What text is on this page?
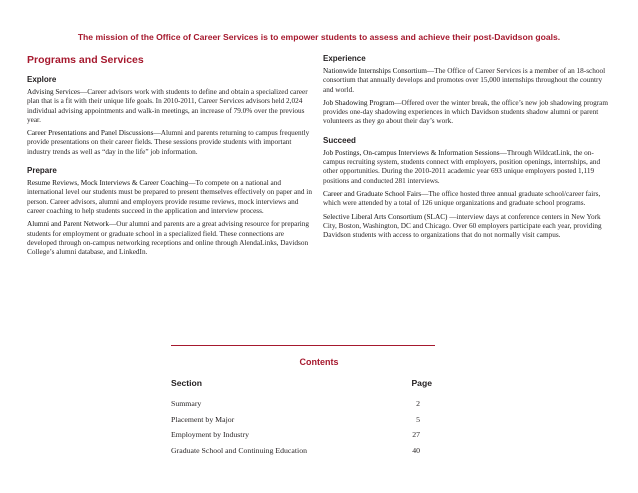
The mission of the Office of Career Services is to empower students to assess and achieve their post-Davidson goals.
Programs and Services
Explore

Advising Services—Career advisors work with students to define and obtain a specialized career plan that is a fit with their unique life goals. In 2010-2011, Career Services advisors held 2,024 individual advising appointments and walk-in meetings, an increase of 79.0% over the previous year.

Career Presentations and Panel Discussions—Alumni and parents returning to campus frequently provide presentations on their career fields. These sessions provide students with important industry trends as well as “day in the life” job information.

Prepare

Resume Reviews, Mock Interviews & Career Coaching—To compete on a national and international level our students must be prepared to present themselves effectively on paper and in person. Career advisors, alumni and employers provide resume reviews, mock interviews and career coaching to help students succeed in the application and interview process.

Alumni and Parent Network—Our alumni and parents are a great advising resource for preparing students for employment or graduate school in a specialized field. These connections are developed through on-campus networking receptions and online through AlendaLinks, Davidson College’s alumni database, and LinkedIn.

Experience

Nationwide Internships Consortium—The Office of Career Services is a member of an 18-school consortium that annually develops and promotes over 15,000 internships throughout the country and world.

Job Shadowing Program—Offered over the winter break, the office’s new job shadowing program provides one-day shadowing experiences in which Davidson students shadow alumni or parent volunteers as they go about their day’s work.

Succeed

Job Postings, On-campus Interviews & Information Sessions—Through WildcatLink, the on-campus recruiting system, students connect with employers, position openings, internships, and other opportunities. During the 2010-2011 academic year 693 unique employers posted 1,119 positions and conducted 281 interviews.

Career and Graduate School Fairs—The office hosted three annual graduate school/career fairs, which were attended by a total of 126 unique organizations and graduate school programs.

Selective Liberal Arts Consortium (SLAC) —interview days at conference centers in New York City, Boston, Washington, DC and Chicago. Over 60 employers participate each year, providing Davidson students with access to organizations that do not normally visit campus.

Contents
Section	Page
Summary	2
Placement by Major	5
Employment by Industry	27
Graduate School and Continuing Education	40
